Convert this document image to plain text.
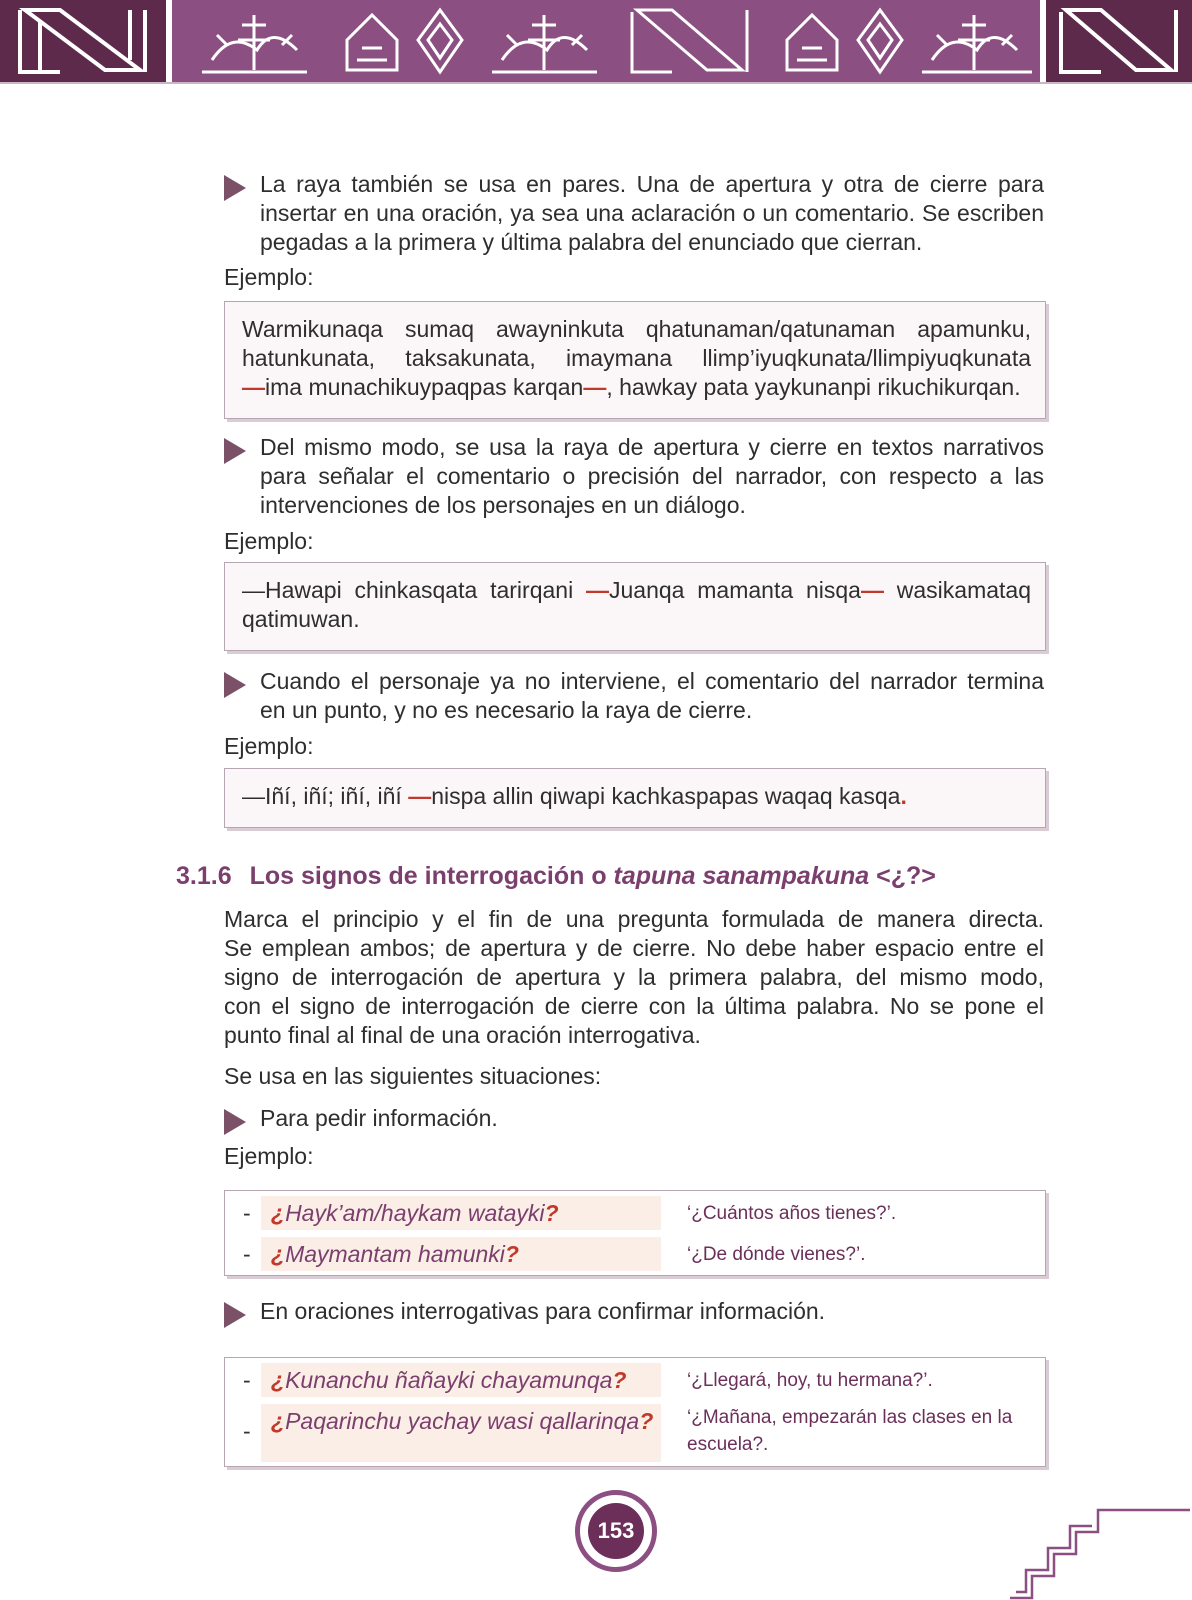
La raya también se usa en pares. Una de apertura y otra de cierre para
insertar en una oración, ya sea una aclaración o un comentario. Se escriben
pegadas a la primera y última palabra del enunciado que cierran.
Ejemplo:
Warmikunaqa sumaq awayninkuta qhatunaman/qatunaman apamunku,
hatunkunata, taksakunata, imaymana llimp’iyuqkunata/llimpiyuqkunata
—ima munachikuypaqpas karqan—, hawkay pata yaykunanpi rikuchikurqan.
Del mismo modo, se usa la raya de apertura y cierre en textos narrativos
para señalar el comentario o precisión del narrador, con respecto a las
intervenciones de los personajes en un diálogo.
Ejemplo:
—Hawapi chinkasqata tarirqani —Juanqa mamanta nisqa— wasikamataq
qatimuwan.
Cuando el personaje ya no interviene, el comentario del narrador termina
en un punto, y no es necesario la raya de cierre.
Ejemplo:
—Iñí, iñí; iñí, iñí —nispa allin qiwapi kachkaspapas waqaq kasqa.
3.1.6 Los signos de interrogación o tapuna sanampakuna <¿?>
Marca el principio y el fin de una pregunta formulada de manera directa.
Se emplean ambos; de apertura y de cierre. No debe haber espacio entre el
signo de interrogación de apertura y la primera palabra, del mismo modo,
con el signo de interrogación de cierre con la última palabra. No se pone el
punto final al final de una oración interrogativa.
Se usa en las siguientes situaciones:
Para pedir información.
Ejemplo:
- ¿Hayk’am/haykam watayki?	‘¿Cuántos años tienes?’.
- ¿Maymantam hamunki?	‘¿De dónde vienes?’.
En oraciones interrogativas para confirmar información.
- ¿Kunanchu ñañayki chayamunqa?	‘¿Llegará, hoy, tu hermana?’.
- ¿Paqarinchu yachay wasi qallarinqa?	‘¿Mañana, empezarán las clases en la escuela?.
153
